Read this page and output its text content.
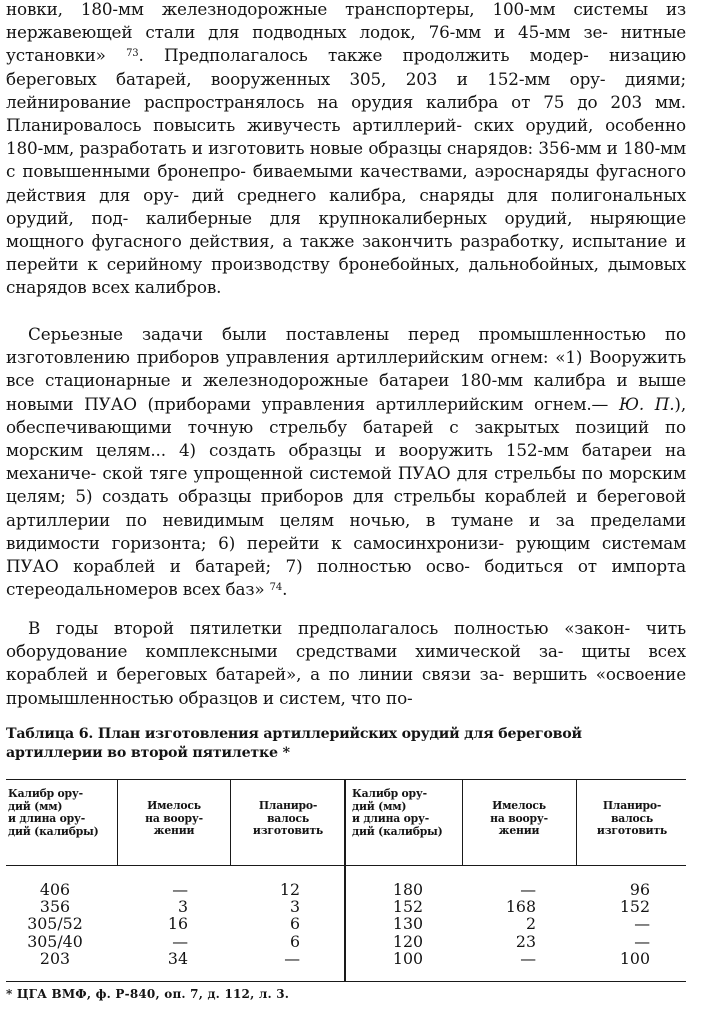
новки, 180-мм железнодорожные транспортеры, 100-мм системы из нержавеющей стали для подводных лодок, 76-мм и 45-мм зе- нитные установки» $^{73}$. Предполагалось также продолжить модер- низацию береговых батарей, вооруженных 305, 203 и 152-мм ору- диями; лейнирование распространялось на орудия калибра от 75 до 203 мм. Планировалось повысить живучесть артиллерий- ских орудий, особенно 180-мм, разработать и изготовить новые образцы снарядов: 356-мм и 180-мм с повышенными бронепро- биваемыми качествами, аэроснаряды фугасного действия для ору- дий среднего калибра, снаряды для полигональных орудий, под- калиберные для крупнокалиберных орудий, ныряющие мощного фугасного действия, а также закончить разработку, испытание и перейти к серийному производству бронебойных, дальнобойных, дымовых снарядов всех калибров.

Серьезные задачи были поставлены перед промышленностью по изготовлению приборов управления артиллерийским огнем: «1) Вооружить все стационарные и железнодорожные батареи 180-мм калибра и выше новыми ПУАО (приборами управления артиллерийским огнем.— Ю. П.), обеспечивающими точную стрельбу батарей с закрытых позиций по морским целям... 4) создать образцы и вооружить 152-мм батареи на механиче- ской тяге упрощенной системой ПУАО для стрельбы по морским целям; 5) создать образцы приборов для стрельбы кораблей и береговой артиллерии по невидимым целям ночью, в тумане и за пределами видимости горизонта; 6) перейти к самосинхронизи- рующим системам ПУАО кораблей и батарей; 7) полностью осво- бодиться от импорта стереодальномеров всех баз» $^{74}$.

В годы второй пятилетки предполагалось полностью «закон- чить оборудование комплексными средствами химической за- щиты всех кораблей и береговых батарей», а по линии связи за- вершить «освоение промышленностью образцов и систем, что по-

Таблица 6. План изготовления артиллерийских орудий для береговой
артиллерии во второй пятилетке *

Калибр ору-
дий (мм)
и длина ору-
дий (калибры)
Имелось
на воору-
жении
Планиро-
валось
изготовить
Калибр ору-
дий (мм)
и длина ору-
дий (калибры)
Имелось
на воору-
жении
Планиро-
валось
изготовить
406
356
305/52
305/40
203
—
3
16
—
34
12
3
6
6
—
180
152
130
120
100
—
168
2
23
—
96
152
—
—
100
* ЦГА ВМФ, ф. Р-840, оп. 7, д. 112, л. 3.
